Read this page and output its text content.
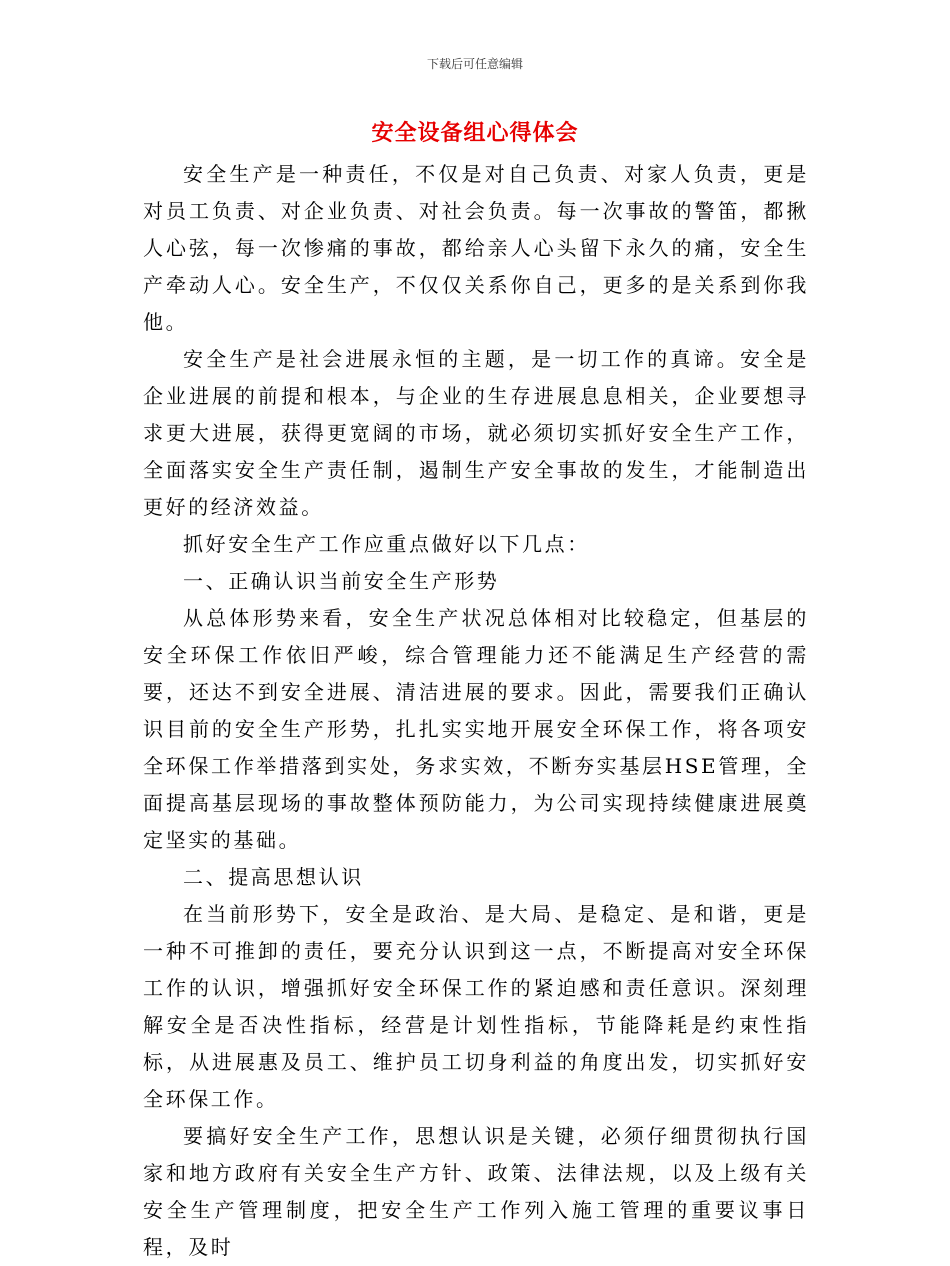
下载后可任意编辑
安全设备组心得体会

安全生产是一种责任，不仅是对自己负责、对家人负责，更是对员工负责、对企业负责、对社会负责。每一次事故的警笛，都揪人心弦，每一次惨痛的事故，都给亲人心头留下永久的痛，安全生产牵动人心。安全生产，不仅仅关系你自己，更多的是关系到你我他。

安全生产是社会进展永恒的主题，是一切工作的真谛。安全是企业进展的前提和根本，与企业的生存进展息息相关，企业要想寻求更大进展，获得更宽阔的市场，就必须切实抓好安全生产工作，全面落实安全生产责任制，遏制生产安全事故的发生，才能制造出更好的经济效益。

抓好安全生产工作应重点做好以下几点：

一、正确认识当前安全生产形势

从总体形势来看，安全生产状况总体相对比较稳定，但基层的安全环保工作依旧严峻，综合管理能力还不能满足生产经营的需要，还达不到安全进展、清洁进展的要求。因此，需要我们正确认识目前的安全生产形势，扎扎实实地开展安全环保工作，将各项安全环保工作举措落到实处，务求实效，不断夯实基层HSE管理，全面提高基层现场的事故整体预防能力，为公司实现持续健康进展奠定坚实的基础。

二、提高思想认识

在当前形势下，安全是政治、是大局、是稳定、是和谐，更是一种不可推卸的责任，要充分认识到这一点，不断提高对安全环保工作的认识，增强抓好安全环保工作的紧迫感和责任意识。深刻理解安全是否决性指标，经营是计划性指标，节能降耗是约束性指标，从进展惠及员工、维护员工切身利益的角度出发，切实抓好安全环保工作。

要搞好安全生产工作，思想认识是关键，必须仔细贯彻执行国家和地方政府有关安全生产方针、政策、法律法规，以及上级有关安全生产管理制度，把安全生产工作列入施工管理的重要议事日程，及时
